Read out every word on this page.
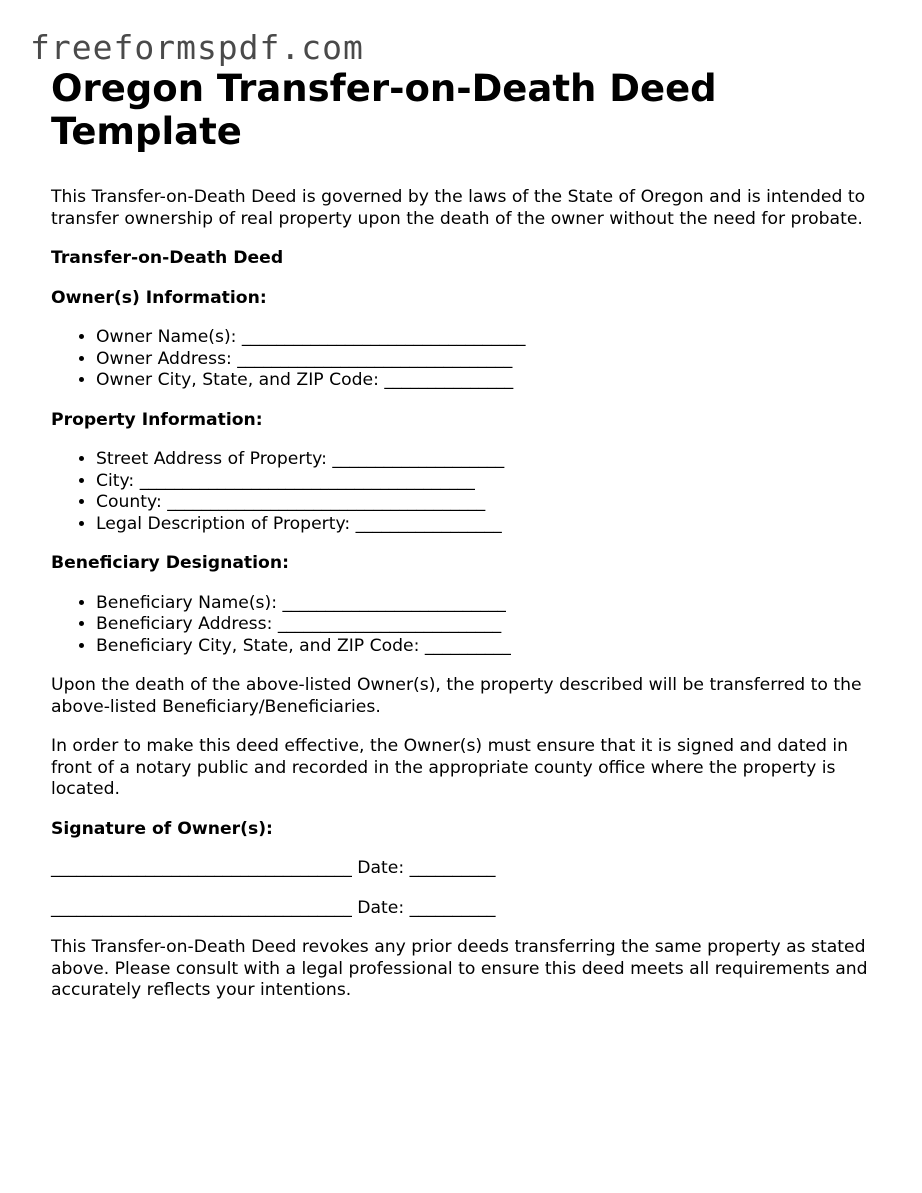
freeformspdf.com
Oregon Transfer-on-Death Deed Template

This Transfer-on-Death Deed is governed by the laws of the State of Oregon and is intended to transfer ownership of real property upon the death of the owner without the need for probate.

Transfer-on-Death Deed

Owner(s) Information:

• Owner Name(s): _________________________________
• Owner Address: ________________________________
• Owner City, State, and ZIP Code: _______________

Property Information:

• Street Address of Property: ____________________
• City: _______________________________________
• County: _____________________________________
• Legal Description of Property: _________________

Beneficiary Designation:

• Beneficiary Name(s): __________________________
• Beneficiary Address: __________________________
• Beneficiary City, State, and ZIP Code: __________

Upon the death of the above-listed Owner(s), the property described will be transferred to the above-listed Beneficiary/Beneficiaries.

In order to make this deed effective, the Owner(s) must ensure that it is signed and dated in front of a notary public and recorded in the appropriate county office where the property is located.

Signature of Owner(s):

___________________________________ Date: __________

___________________________________ Date: __________

This Transfer-on-Death Deed revokes any prior deeds transferring the same property as stated above. Please consult with a legal professional to ensure this deed meets all requirements and accurately reflects your intentions.
